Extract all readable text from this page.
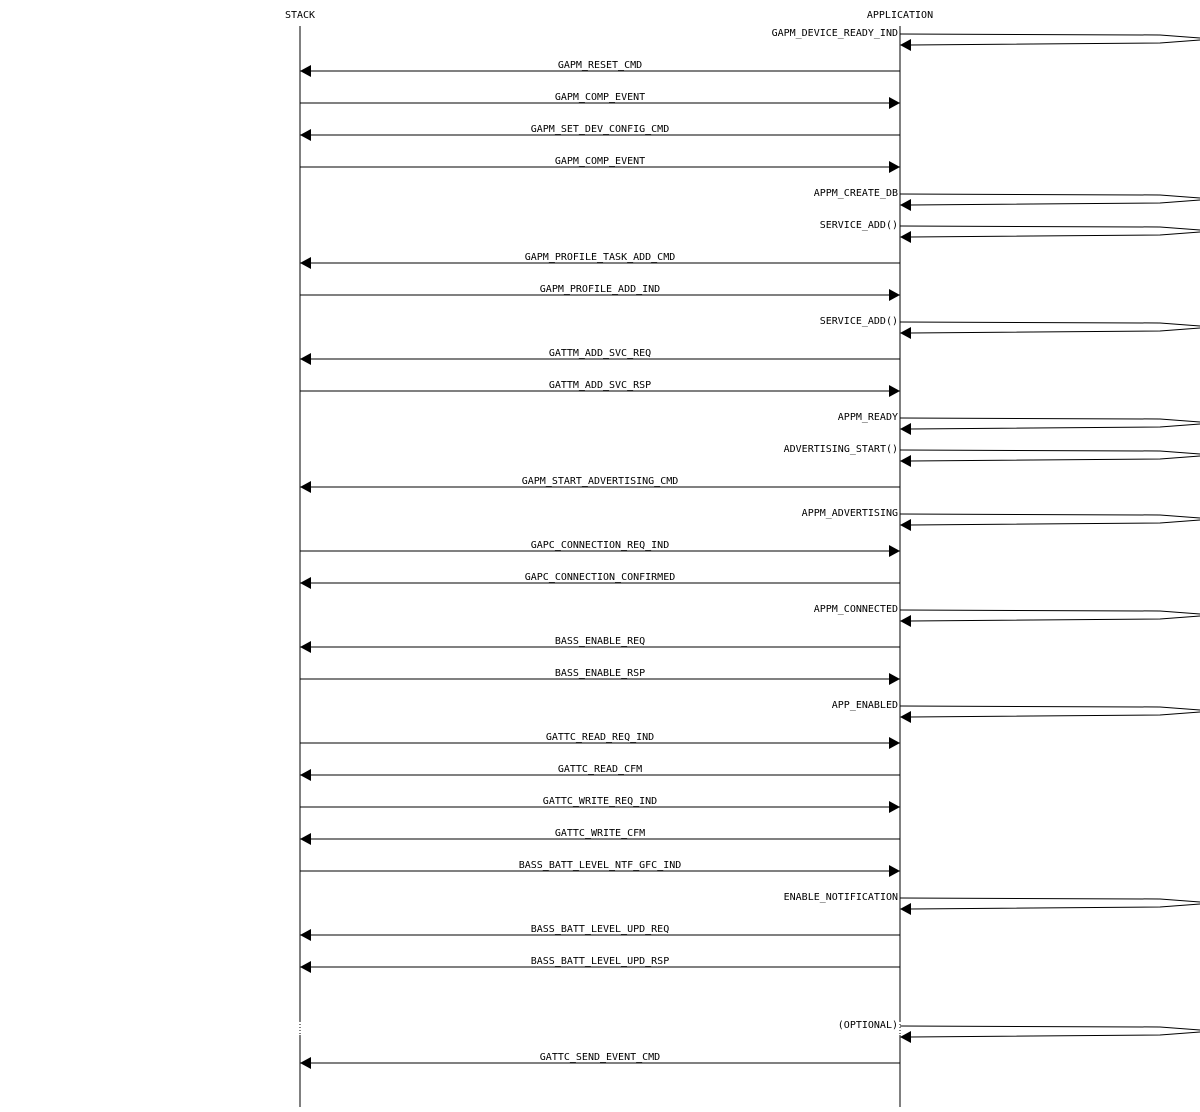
STACK	APPLICATION
GAPM_DEVICE_READY_IND
GAPM_RESET_CMD
GAPM_COMP_EVENT
GAPM_SET_DEV_CONFIG_CMD
GAPM_COMP_EVENT
APPM_CREATE_DB
SERVICE_ADD()
GAPM_PROFILE_TASK_ADD_CMD
GAPM_PROFILE_ADD_IND
SERVICE_ADD()
GATTM_ADD_SVC_REQ
GATTM_ADD_SVC_RSP
APPM_READY
ADVERTISING_START()
GAPM_START_ADVERTISING_CMD
APPM_ADVERTISING
GAPC_CONNECTION_REQ_IND
GAPC_CONNECTION_CONFIRMED
APPM_CONNECTED
BASS_ENABLE_REQ
BASS_ENABLE_RSP
APP_ENABLED
GATTC_READ_REQ_IND
GATTC_READ_CFM
GATTC_WRITE_REQ_IND
GATTC_WRITE_CFM
BASS_BATT_LEVEL_NTF_GFC_IND
ENABLE_NOTIFICATION
BASS_BATT_LEVEL_UPD_REQ
BASS_BATT_LEVEL_UPD_RSP
(OPTIONAL)
GATTC_SEND_EVENT_CMD
